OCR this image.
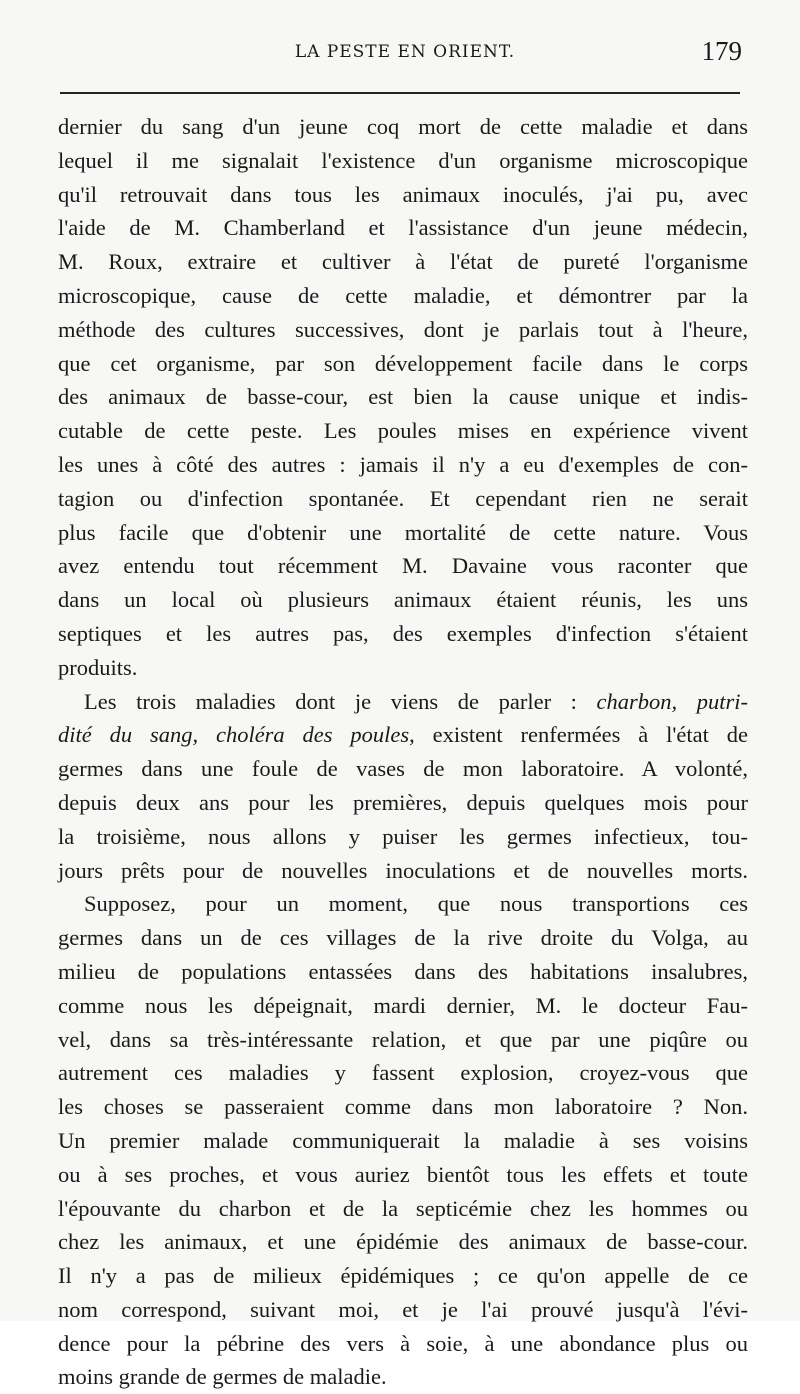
LA PESTE EN ORIENT.	179
dernier du sang d'un jeune coq mort de cette maladie et dans
lequel il me signalait l'existence d'un organisme microscopique
qu'il retrouvait dans tous les animaux inoculés, j'ai pu, avec
l'aide de M. Chamberland et l'assistance d'un jeune médecin,
M. Roux, extraire et cultiver à l'état de pureté l'organisme
microscopique, cause de cette maladie, et démontrer par la
méthode des cultures successives, dont je parlais tout à l'heure,
que cet organisme, par son développement facile dans le corps
des animaux de basse-cour, est bien la cause unique et indis-
cutable de cette peste. Les poules mises en expérience vivent
les unes à côté des autres : jamais il n'y a eu d'exemples de con-
tagion ou d'infection spontanée. Et cependant rien ne serait
plus facile que d'obtenir une mortalité de cette nature. Vous
avez entendu tout récemment M. Davaine vous raconter que
dans un local où plusieurs animaux étaient réunis, les uns
septiques et les autres pas, des exemples d'infection s'étaient
produits.
Les trois maladies dont je viens de parler : charbon, putri-
dité du sang, choléra des poules, existent renfermées à l'état de
germes dans une foule de vases de mon laboratoire. A volonté,
depuis deux ans pour les premières, depuis quelques mois pour
la troisième, nous allons y puiser les germes infectieux, tou-
jours prêts pour de nouvelles inoculations et de nouvelles morts.
Supposez, pour un moment, que nous transportions ces
germes dans un de ces villages de la rive droite du Volga, au
milieu de populations entassées dans des habitations insalubres,
comme nous les dépeignait, mardi dernier, M. le docteur Fau-
vel, dans sa très-intéressante relation, et que par une piqûre ou
autrement ces maladies y fassent explosion, croyez-vous que
les choses se passeraient comme dans mon laboratoire ? Non.
Un premier malade communiquerait la maladie à ses voisins
ou à ses proches, et vous auriez bientôt tous les effets et toute
l'épouvante du charbon et de la septicémie chez les hommes ou
chez les animaux, et une épidémie des animaux de basse-cour.
Il n'y a pas de milieux épidémiques ; ce qu'on appelle de ce
nom correspond, suivant moi, et je l'ai prouvé jusqu'à l'évi-
dence pour la pébrine des vers à soie, à une abondance plus ou
moins grande de germes de maladie.
